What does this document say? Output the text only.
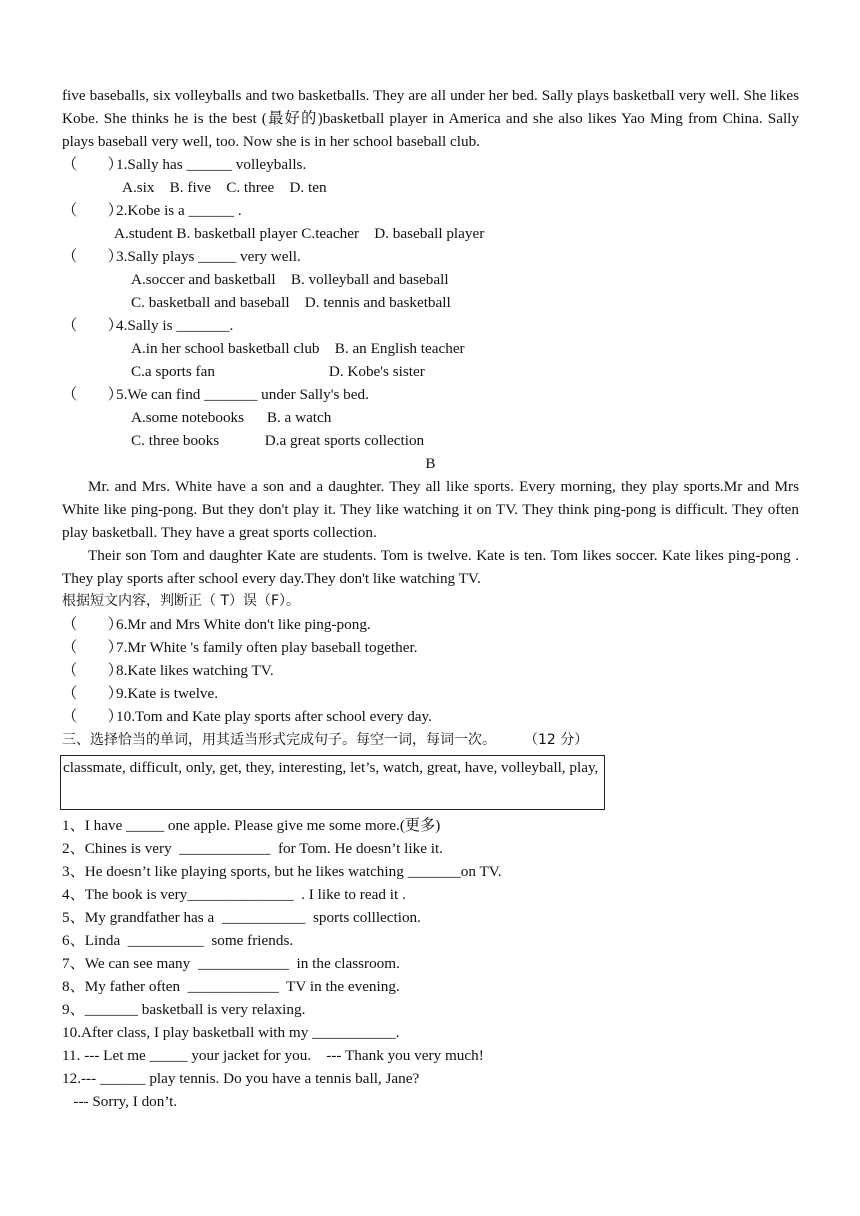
five baseballs, six volleyballs and two basketballs. They are all under her bed. Sally plays basketball very well. She likes Kobe. She thinks he is the best (最好的)basketball player in America and she also likes Yao Ming from China. Sally plays baseball very well, too. Now she is in her school baseball club.

（　　）1.Sally has ______ volleyballs.
A.six    B. five    C. three    D. ten
（　　）2.Kobe is a ______ .
A.student B. basketball player C.teacher    D. baseball player
（　　）3.Sally plays _____ very well.
A.soccer and basketball    B. volleyball and baseball
C. basketball and baseball    D. tennis and basketball
（　　）4.Sally is _______.
A.in her school basketball club    B. an English teacher
C.a sports fan                              D. Kobe's sister
（　　）5.We can find _______ under Sally's bed.
A.some notebooks      B. a watch
C. three books            D.a great sports collection
B

Mr. and Mrs. White have a son and a daughter. They all like sports. Every morning, they play sports.Mr and Mrs White like ping-pong. But they don't play it. They like watching it on TV. They think ping-pong is difficult. They often play basketball. They have a great sports collection.

Their son Tom and daughter Kate are students. Tom is twelve. Kate is ten. Tom likes soccer. Kate likes ping-pong . They play sports after school every day.They don't like watching TV.

根据短文内容，判断正（ T）误（F）。
（　　）6.Mr and Mrs White don't like ping-pong.
（　　）7.Mr White 's family often play baseball together.
（　　）8.Kate likes watching TV.
（　　）9.Kate is twelve.
（　　）10.Tom and Kate play sports after school every day.
三、选择恰当的单词，用其适当形式完成句子。每空一词，每词一次。 （12 分）

classmate, difficult, only, get, they, interesting, let’s, watch, great, have, volleyball, play,

1、I have _____ one apple. Please give me some more.(更多)
2、Chines is very  ____________  for Tom. He doesn’t like it.
3、He doesn’t like playing sports, but he likes watching _______on TV.
4、The book is very______________  . I like to read it .
5、My grandfather has a  ___________  sports colllection.
6、Linda  __________  some friends.
7、We can see many  ____________  in the classroom.
8、My father often  ____________  TV in the evening.
9、_______ basketball is very relaxing.
10.After class, I play basketball with my ___________.
11. --- Let me _____ your jacket for you.    --- Thank you very much!
12.--- ______ play tennis. Do you have a tennis ball, Jane?
--- Sorry, I don’t.
